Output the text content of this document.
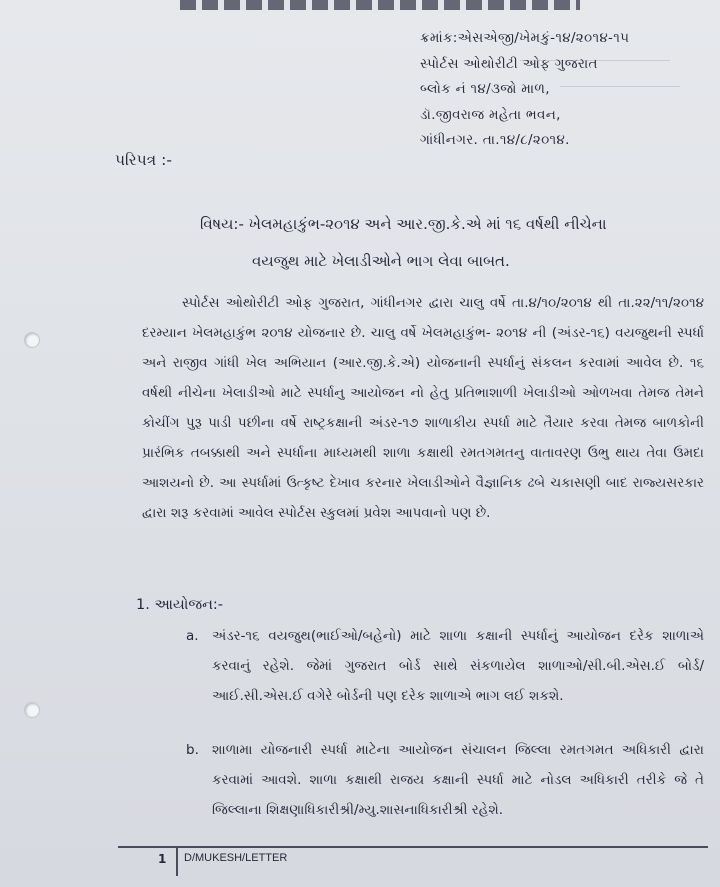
ક્રમાંક:એસએજી/ખેમકું-૧૪/૨૦૧૪-૧૫
સ્પોર્ટસ ઓથોરીટી ઓફ ગુજરાત
બ્લોક નં ૧૪/૩જો માળ,
ડૉ.જીવરાજ મહેતા ભવન,
ગાંધીનગર. તા.૧૪/૮/૨૦૧૪.
પરિપત્ર :-
વિષય:- ખેલમહાકુંભ-૨૦૧૪ અને આર.જી.કે.એ માં ૧૬ વર્ષથી નીચેના
વયજુથ માટે ખેલાડીઓને ભાગ લેવા બાબત.
સ્પોર્ટસ ઓથોરીટી ઓફ ગુજરાત, ગાંધીનગર દ્વારા ચાલુ વર્ષે તા.૪/૧૦/૨૦૧૪ થી તા.૨૨/૧૧/૨૦૧૪ દરમ્યાન ખેલમહાકુંભ ૨૦૧૪ યોજનાર છે. ચાલુ વર્ષે ખેલમહાકુંભ- ૨૦૧૪ ની (અંડર-૧૬) વયજુથની સ્પર્ધા અને રાજીવ ગાંધી ખેલ અભિયાન (આર.જી.કે.એ) યોજનાની સ્પર્ધાનું સંકલન કરવામાં આવેલ છે. ૧૬ વર્ષથી નીચેના ખેલાડીઓ માટે સ્પર્ધાનુ આયોજન નો હેતુ પ્રતિભાશાળી ખેલાડીઓ ઓળખવા તેમજ તેમને કોચીંગ પુરૂ પાડી પછીના વર્ષે રાષ્ટ્રકક્ષાની અંડર-૧૭ શાળાકીય સ્પર્ધા માટે તૈયાર કરવા તેમજ બાળકોની પ્રારંભિક તબક્કાથી અને સ્પર્ધાના માધ્યમથી શાળા કક્ષાથી રમતગમતનુ વાતાવરણ ઉભુ થાય તેવા ઉમદા આશયનો છે. આ સ્પર્ધામાં ઉત્કૃષ્ટ દેખાવ કરનાર ખેલાડીઓને વૈજ્ઞાનિક ઢબે ચકાસણી બાદ રાજ્યસરકાર દ્વારા શરૂ કરવામાં આવેલ સ્પોર્ટસ સ્કુલમાં પ્રવેશ આપવાનો પણ છે.
1. આયોજન:-
a. અંડર-૧૬ વયજુથ(ભાઈઓ/બહેનો) માટે શાળા કક્ષાની સ્પર્ધાનું આયોજન દરેક શાળાએ કરવાનું રહેશે. જેમાં ગુજરાત બોર્ડ સાથે સંકળાયેલ શાળાઓ/સી.બી.એસ.ઈ બોર્ડ/આઈ.સી.એસ.ઈ વગેરે બોર્ડની પણ દરેક શાળાએ ભાગ લઈ શકશે.
b. શાળામા યોજનારી સ્પર્ધા માટેના આયોજન સંચાલન જિલ્લા રમતગમત અધિકારી દ્વારા કરવામાં આવશે. શાળા કક્ષાથી રાજય કક્ષાની સ્પર્ધા માટે નોડલ અધિકારી તરીકે જે તે જિલ્લાના શિક્ષણાધિકારીશ્રી/મ્યુ.શાસનાધિકારીશ્રી રહેશે.
1 D/MUKESH/LETTER
